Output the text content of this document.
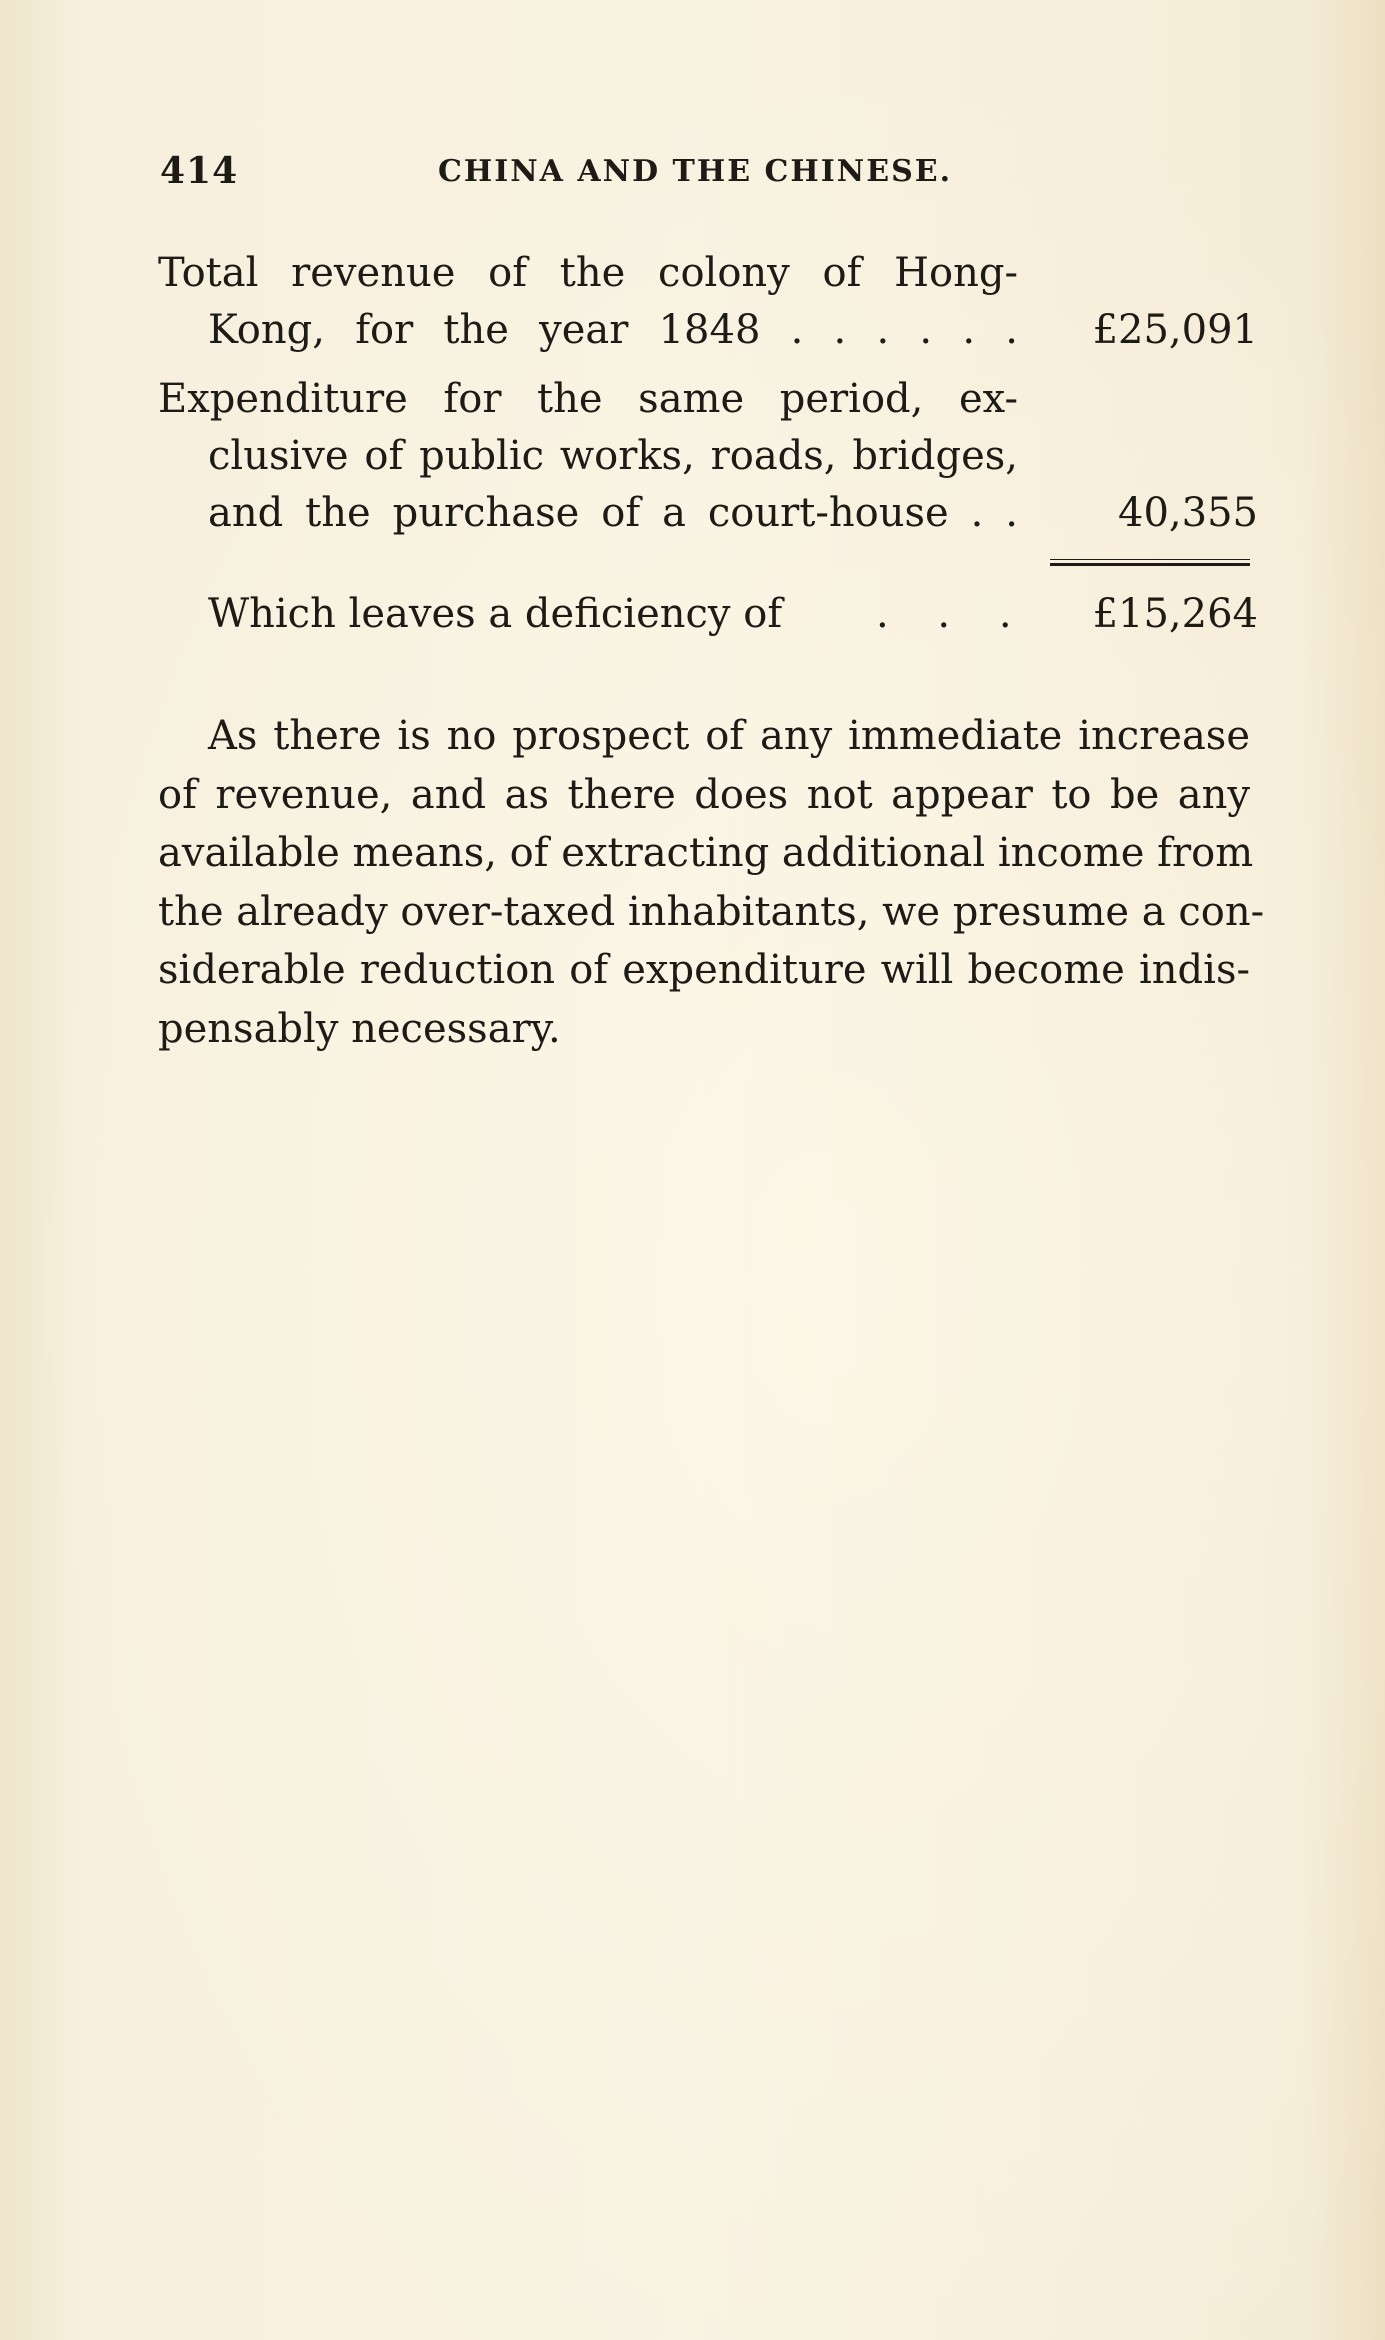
414	CHINA AND THE CHINESE.
Total revenue of the colony of Hong-
Kong, for the year 1848 . . . . . . £25,091
Expenditure for the same period, ex-
clusive of public works, roads, bridges,
and the purchase of a court-house . .	40,355
Which leaves a deficiency of . . . £15,264
As there is no prospect of any immediate increase
of revenue, and as there does not appear to be any
available means, of extracting additional income from
the already over-taxed inhabitants, we presume a con-
siderable reduction of expenditure will become indis-
pensably necessary.
